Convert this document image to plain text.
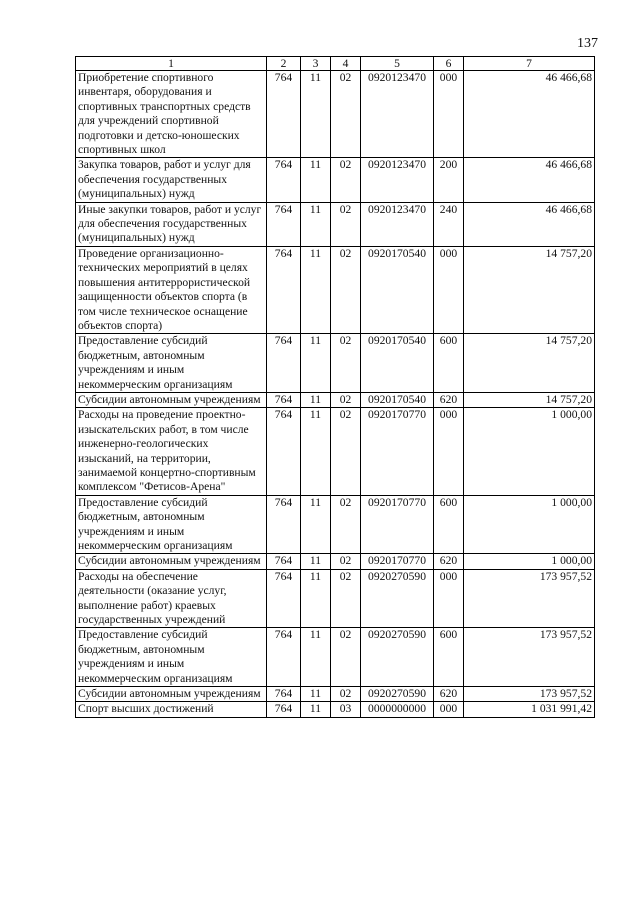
137
1	2	3	4	5	6	7
Приобретение спортивного инвентаря, оборудования и спортивных транспортных средств для учреждений спортивной подготовки и детско-юношеских спортивных школ	764	11	02	0920123470	000	46 466,68
Закупка товаров, работ и услуг для обеспечения государственных (муниципальных) нужд	764	11	02	0920123470	200	46 466,68
Иные закупки товаров, работ и услуг для обеспечения государственных (муниципальных) нужд	764	11	02	0920123470	240	46 466,68
Проведение организационно-технических мероприятий в целях повышения антитеррористической защищенности объектов спорта (в том числе техническое оснащение объектов спорта)	764	11	02	0920170540	000	14 757,20
Предоставление субсидий бюджетным, автономным учреждениям и иным некоммерческим организациям	764	11	02	0920170540	600	14 757,20
Субсидии автономным учреждениям	764	11	02	0920170540	620	14 757,20
Расходы на проведение проектно-изыскательских работ, в том числе инженерно-геологических изысканий, на территории, занимаемой концертно-спортивным комплексом "Фетисов-Арена"	764	11	02	0920170770	000	1 000,00
Предоставление субсидий бюджетным, автономным учреждениям и иным некоммерческим организациям	764	11	02	0920170770	600	1 000,00
Субсидии автономным учреждениям	764	11	02	0920170770	620	1 000,00
Расходы на обеспечение деятельности (оказание услуг, выполнение работ) краевых государственных учреждений	764	11	02	0920270590	000	173 957,52
Предоставление субсидий бюджетным, автономным учреждениям и иным некоммерческим организациям	764	11	02	0920270590	600	173 957,52
Субсидии автономным учреждениям	764	11	02	0920270590	620	173 957,52
Спорт высших достижений	764	11	03	0000000000	000	1 031 991,42
